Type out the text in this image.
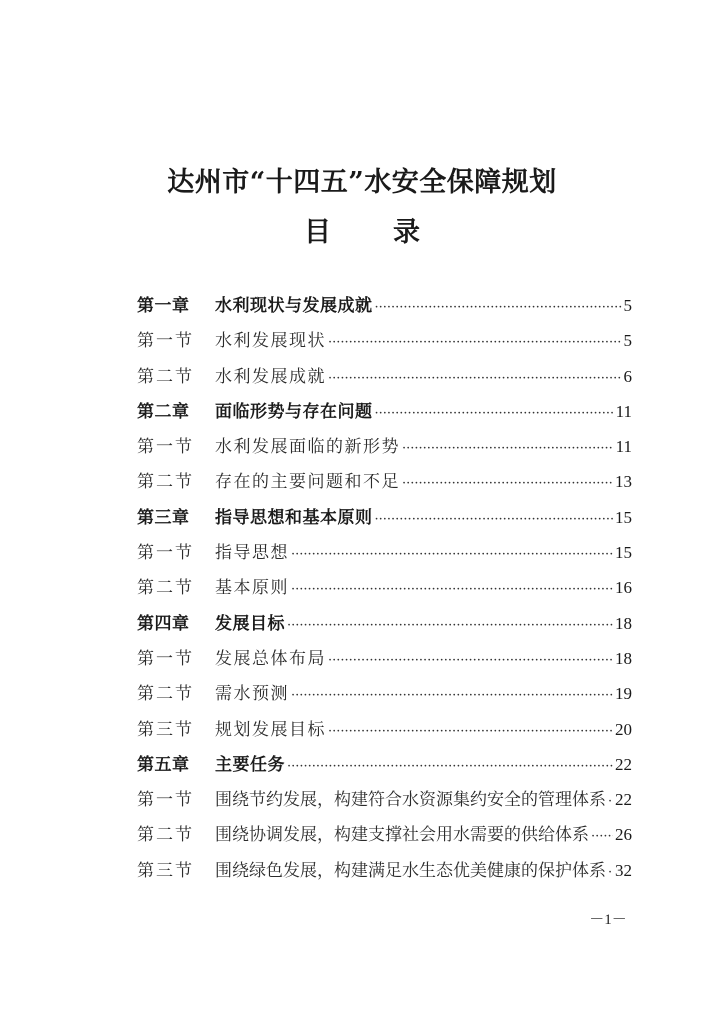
达州市“十四五”水安全保障规划
目 录
第一章	水利现状与发展成就 ·····	5
第一节	水利发展现状 ·····	5
第二节	水利发展成就 ·····	6
第二章	面临形势与存在问题 ·····	11
第一节	水利发展面临的新形势 ·····	11
第二节	存在的主要问题和不足 ·····	13
第三章	指导思想和基本原则 ·····	15
第一节	指导思想 ·····	15
第二节	基本原则 ·····	16
第四章	发展目标 ·····	18
第一节	发展总体布局 ·····	18
第二节	需水预测 ·····	19
第三节	规划发展目标 ·····	20
第五章	主要任务 ·····	22
第一节	围绕节约发展，构建符合水资源集约安全的管理体系 ····· 22
第二节	围绕协调发展，构建支撑社会用水需要的供给体系 ····· 26
第三节	围绕绿色发展，构建满足水生态优美健康的保护体系 ····· 32
－1－
